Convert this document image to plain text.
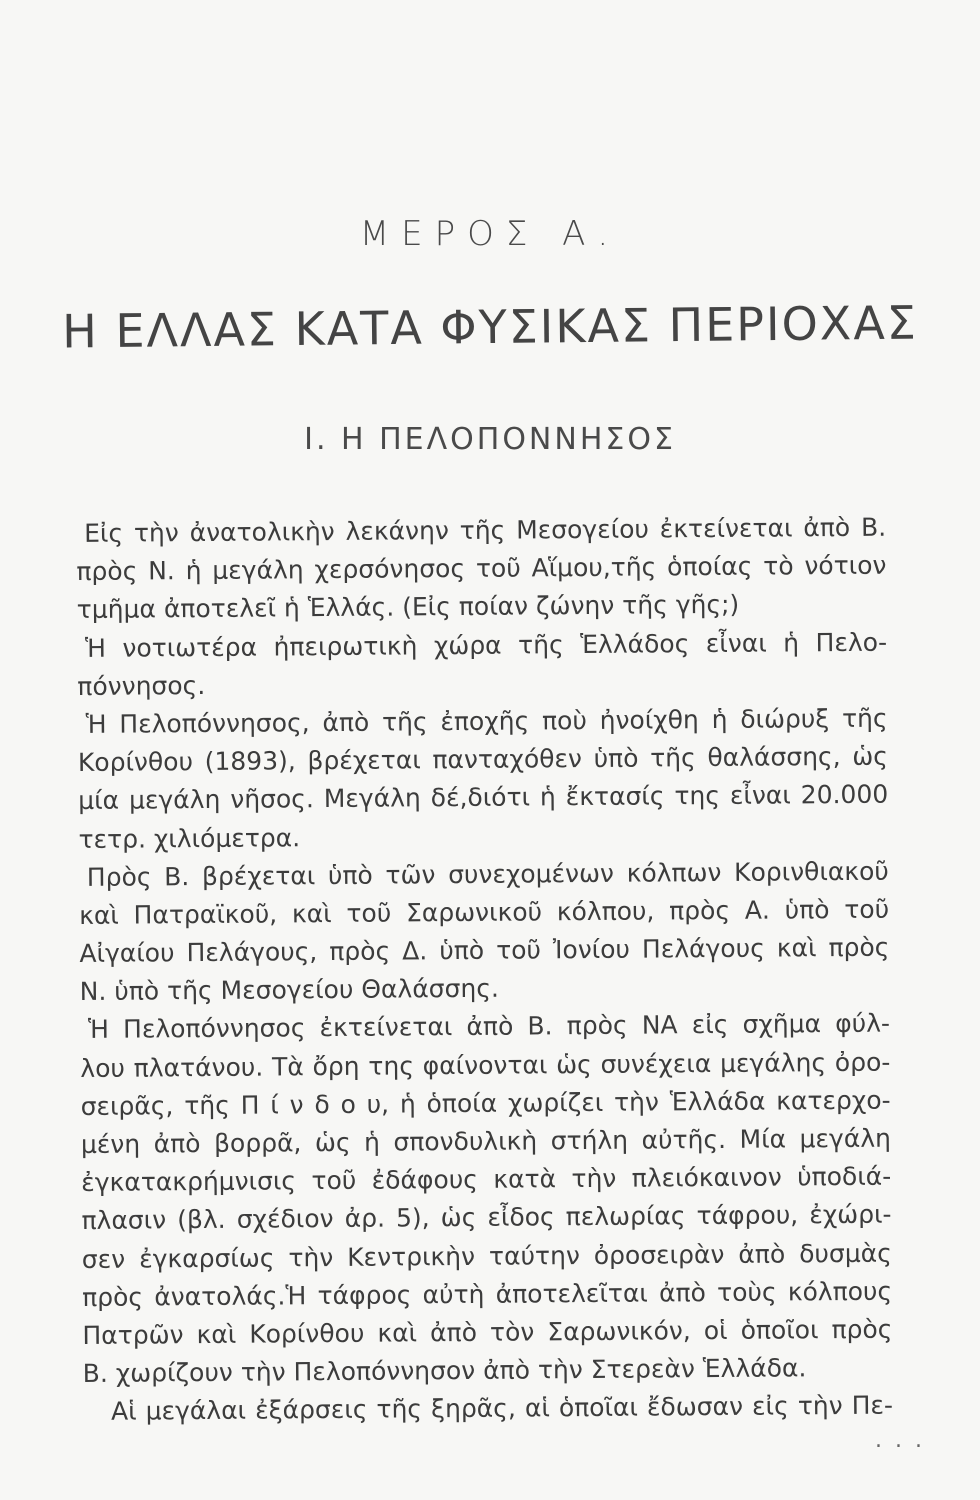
ΜΕΡΟΣ Α.
Η ΕΛΛΑΣ ΚΑΤΑ ΦΥΣΙΚΑΣ ΠΕΡΙΟΧΑΣ
Ι. Η ΠΕΛΟΠΟΝΝΗΣΟΣ
Εἰς τὴν ἀνατολικὴν λεκάνην τῆς Μεσογείου ἐκτείνεται ἀπὸ Β.
πρὸς Ν. ἡ μεγάλη χερσόνησος τοῦ Αἵμου,τῆς ὁποίας τὸ νότιον
τμῆμα ἀποτελεῖ ἡ Ἑλλάς. (Εἰς ποίαν ζώνην τῆς γῆς;)
Ἡ νοτιωτέρα ἠπειρωτικὴ χώρα τῆς Ἑλλάδος εἶναι ἡ Πελο-
πόννησος.
Ἡ Πελοπόννησος, ἀπὸ τῆς ἐποχῆς ποὺ ἠνοίχθη ἡ διώρυξ τῆς
Κορίνθου (1893), βρέχεται πανταχόθεν ὑπὸ τῆς θαλάσσης, ὡς
μία μεγάλη νῆσος. Μεγάλη δέ,διότι ἡ ἔκτασίς της εἶναι 20.000
τετρ. χιλιόμετρα.
Πρὸς Β. βρέχεται ὑπὸ τῶν συνεχομένων κόλπων Κορινθιακοῦ
καὶ Πατραϊκοῦ, καὶ τοῦ Σαρωνικοῦ κόλπου, πρὸς Α. ὑπὸ τοῦ
Αἰγαίου Πελάγους, πρὸς Δ. ὑπὸ τοῦ Ἰονίου Πελάγους καὶ πρὸς
Ν. ὑπὸ τῆς Μεσογείου Θαλάσσης.
Ἡ Πελοπόννησος ἐκτείνεται ἀπὸ Β. πρὸς ΝΑ εἰς σχῆμα φύλ-
λου πλατάνου. Τὰ ὄρη της φαίνονται ὡς συνέχεια μεγάλης ὀρο-
σειρᾶς, τῆς Π ί ν δ ο υ, ἡ ὁποία χωρίζει τὴν Ἑλλάδα κατερχο-
μένη ἀπὸ βορρᾶ, ὡς ἡ σπονδυλικὴ στήλη αὐτῆς. Μία μεγάλη
ἐγκατακρήμνισις τοῦ ἐδάφους κατὰ τὴν πλειόκαινον ὑποδιά-
πλασιν (βλ. σχέδιον ἀρ. 5), ὡς εἶδος πελωρίας τάφρου, ἐχώρι-
σεν ἐγκαρσίως τὴν Κεντρικὴν ταύτην ὀροσειρὰν ἀπὸ δυσμὰς
πρὸς ἀνατολάς.Ἡ τάφρος αὐτὴ ἀποτελεῖται ἀπὸ τοὺς κόλπους
Πατρῶν καὶ Κορίνθου καὶ ἀπὸ τὸν Σαρωνικόν, οἱ ὁποῖοι πρὸς
Β. χωρίζουν τὴν Πελοπόννησον ἀπὸ τὴν Στερεὰν Ἑλλάδα.
Αἱ μεγάλαι ἐξάρσεις τῆς ξηρᾶς, αἱ ὁποῖαι ἔδωσαν εἰς τὴν Πε-
. . .
